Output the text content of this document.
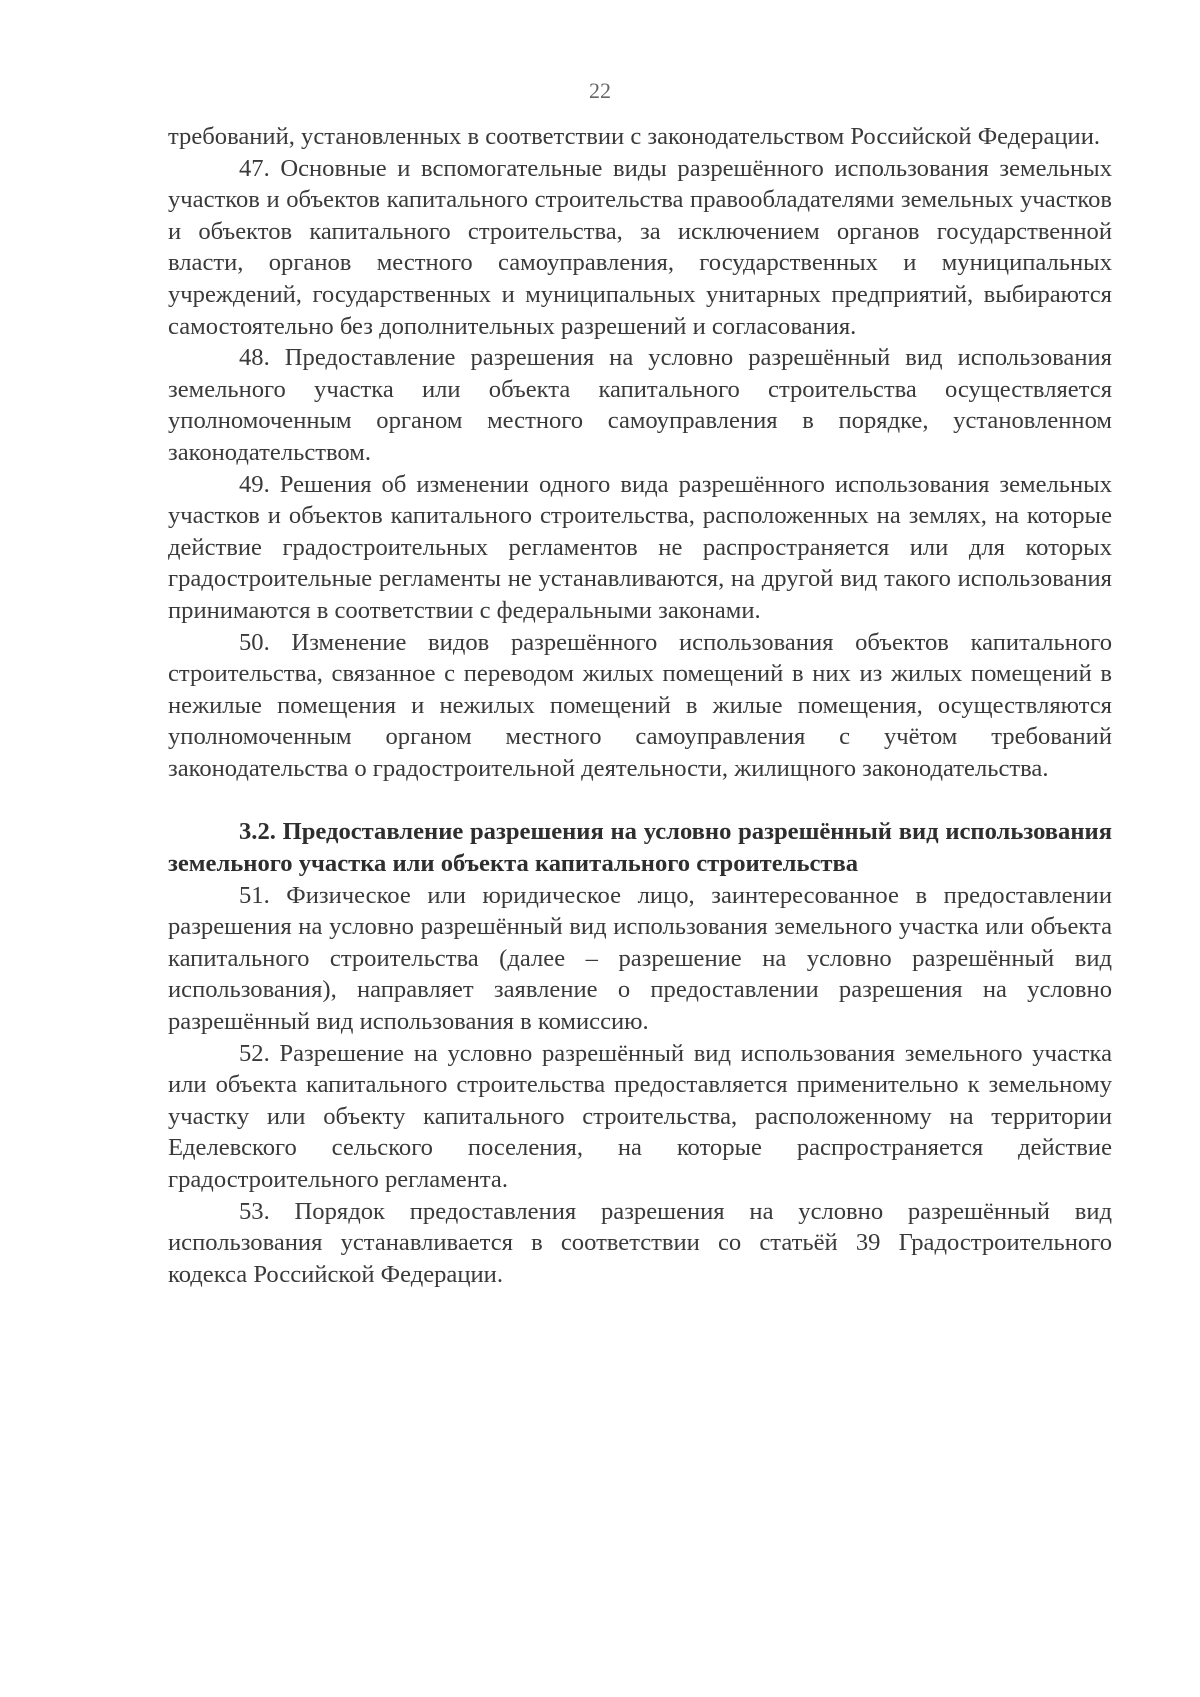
22

требований, установленных в соответствии с законодательством Российской Федерации.

47. Основные и вспомогательные виды разрешённого использования земельных участков и объектов капитального строительства правообладателями земельных участков и объектов капитального строительства, за исключением органов государственной власти, органов местного самоуправления, государственных и муниципальных учреждений, государственных и муниципальных унитарных предприятий, выбираются самостоятельно без дополнительных разрешений и согласования.

48. Предоставление разрешения на условно разрешённый вид использования земельного участка или объекта капитального строительства осуществляется уполномоченным органом местного самоуправления в порядке, установленном законодательством.

49. Решения об изменении одного вида разрешённого использования земельных участков и объектов капитального строительства, расположенных на землях, на которые действие градостроительных регламентов не распространяется или для которых градостроительные регламенты не устанавливаются, на другой вид такого использования принимаются в соответствии с федеральными законами.

50. Изменение видов разрешённого использования объектов капитального строительства, связанное с переводом жилых помещений в них из жилых помещений в нежилые помещения и нежилых помещений в жилые помещения, осуществляются уполномоченным органом местного самоуправления с учётом требований законодательства о градостроительной деятельности, жилищного законодательства.

3.2. Предоставление разрешения на условно разрешённый вид использования земельного участка или объекта капитального строительства

51. Физическое или юридическое лицо, заинтересованное в предоставлении разрешения на условно разрешённый вид использования земельного участка или объекта капитального строительства (далее – разрешение на условно разрешённый вид использования), направляет заявление о предоставлении разрешения на условно разрешённый вид использования в комиссию.

52. Разрешение на условно разрешённый вид использования земельного участка или объекта капитального строительства предоставляется применительно к земельному участку или объекту капитального строительства, расположенному на территории Еделевского сельского поселения, на которые распространяется действие градостроительного регламента.

53. Порядок предоставления разрешения на условно разрешённый вид использования устанавливается в соответствии со статьёй 39 Градостроительного кодекса Российской Федерации.
